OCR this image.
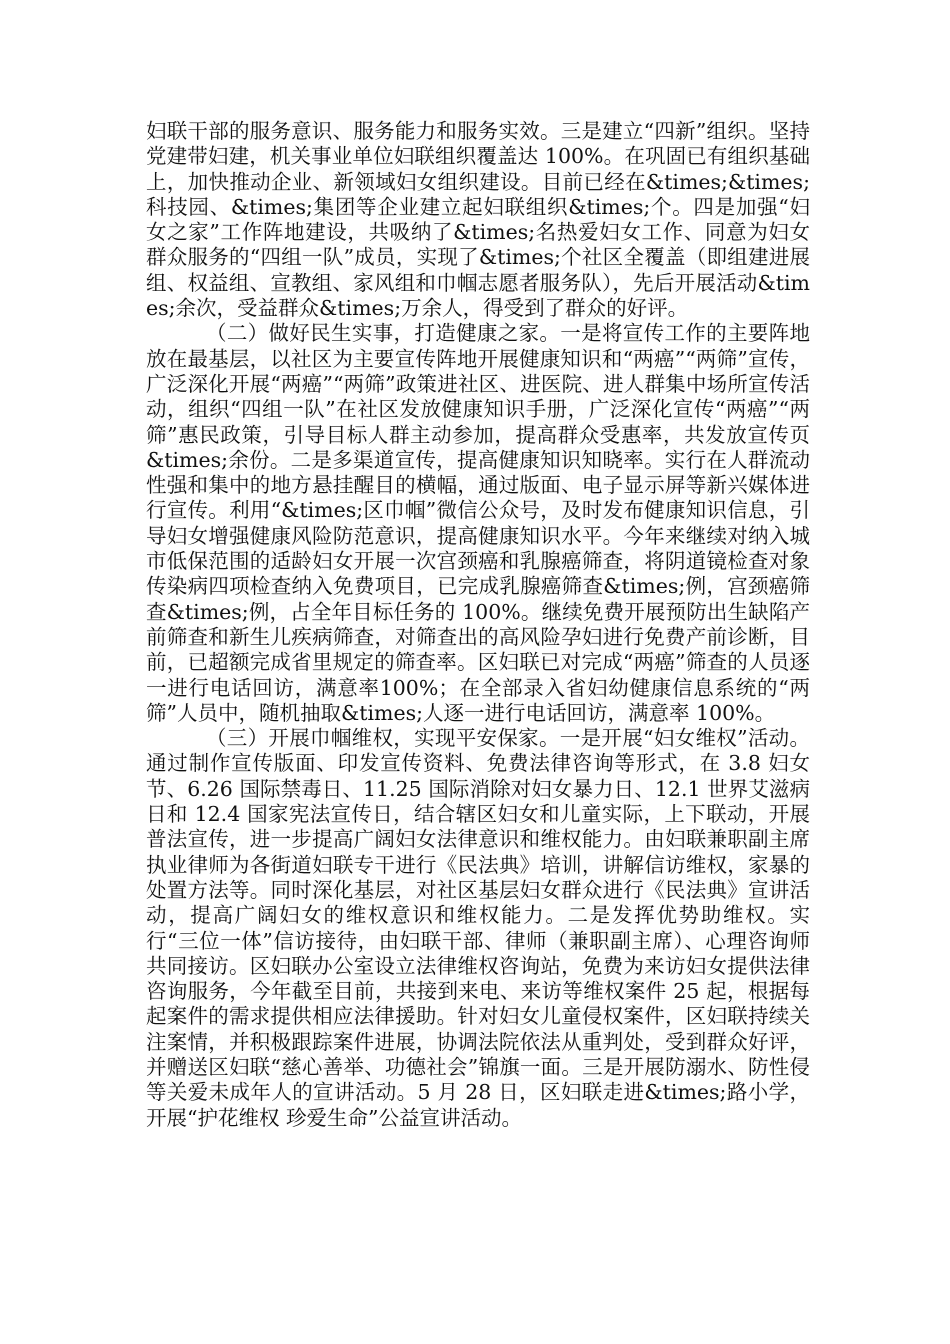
妇联干部的服务意识、服务能力和服务实效。三是建立“四新”组织。坚持党建带妇建，机关事业单位妇联组织覆盖达 100%。在巩固已有组织基础上，加快推动企业、新领域妇女组织建设。目前已经在&times;&times;科技园、&times;集团等企业建立起妇联组织&times;个。四是加强“妇女之家”工作阵地建设，共吸纳了&times;名热爱妇女工作、同意为妇女群众服务的“四组一队”成员，实现了&times;个社区全覆盖（即组建进展组、权益组、宣教组、家风组和巾帼志愿者服务队），先后开展活动&times;余次，受益群众&times;万余人，得受到了群众的好评。

（二）做好民生实事，打造健康之家。一是将宣传工作的主要阵地放在最基层，以社区为主要宣传阵地开展健康知识和“两癌”“两筛”宣传，广泛深化开展“两癌”“两筛”政策进社区、进医院、进人群集中场所宣传活动，组织“四组一队”在社区发放健康知识手册，广泛深化宣传“两癌”“两筛”惠民政策，引导目标人群主动参加，提高群众受惠率，共发放宣传页&times;余份。二是多渠道宣传，提高健康知识知晓率。实行在人群流动性强和集中的地方悬挂醒目的横幅，通过版面、电子显示屏等新兴媒体进行宣传。利用“&times;区巾帼”微信公众号，及时发布健康知识信息，引导妇女增强健康风险防范意识，提高健康知识水平。今年来继续对纳入城市低保范围的适龄妇女开展一次宫颈癌和乳腺癌筛查，将阴道镜检查对象传染病四项检查纳入免费项目，已完成乳腺癌筛查&times;例，宫颈癌筛查&times;例，占全年目标任务的 100%。继续免费开展预防出生缺陷产前筛查和新生儿疾病筛查，对筛查出的高风险孕妇进行免费产前诊断，目前，已超额完成省里规定的筛查率。区妇联已对完成“两癌”筛查的人员逐一进行电话回访，满意率100%；在全部录入省妇幼健康信息系统的“两筛”人员中，随机抽取&times;人逐一进行电话回访，满意率 100%。

（三）开展巾帼维权，实现平安保家。一是开展“妇女维权”活动。通过制作宣传版面、印发宣传资料、免费法律咨询等形式，在 3.8 妇女节、6.26 国际禁毒日、11.25 国际消除对妇女暴力日、12.1 世界艾滋病日和 12.4 国家宪法宣传日，结合辖区妇女和儿童实际，上下联动，开展普法宣传，进一步提高广阔妇女法律意识和维权能力。由妇联兼职副主席执业律师为各街道妇联专干进行《民法典》培训，讲解信访维权，家暴的处置方法等。同时深化基层，对社区基层妇女群众进行《民法典》宣讲活动，提高广阔妇女的维权意识和维权能力。二是发挥优势助维权。实行“三位一体”信访接待，由妇联干部、律师（兼职副主席）、心理咨询师共同接访。区妇联办公室设立法律维权咨询站，免费为来访妇女提供法律咨询服务，今年截至目前，共接到来电、来访等维权案件 25 起，根据每起案件的需求提供相应法律援助。针对妇女儿童侵权案件，区妇联持续关注案情，并积极跟踪案件进展，协调法院依法从重判处，受到群众好评，并赠送区妇联“慈心善举、功德社会”锦旗一面。三是开展防溺水、防性侵等关爱未成年人的宣讲活动。5 月 28 日，区妇联走进&times;路小学，开展“护花维权 珍爱生命”公益宣讲活动。
